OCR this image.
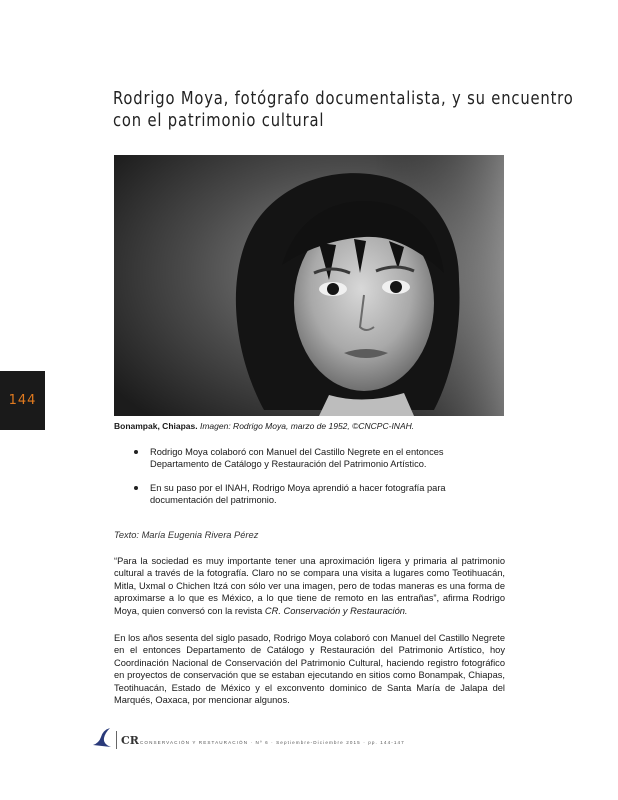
Rodrigo Moya, fotógrafo documentalista, y su encuentro
con el patrimonio cultural
144
Bonampak, Chiapas. Imagen: Rodrigo Moya, marzo de 1952, ©CNCPC-INAH.
Rodrigo Moya colaboró con Manuel del Castillo Negrete en el entonces Departamento de Catálogo y Restauración del Patrimonio Artístico.
En su paso por el INAH, Rodrigo Moya aprendió a hacer fotografía para documentación del patrimonio.
Texto: María Eugenia Rivera Pérez

“Para la sociedad es muy importante tener una aproximación ligera y primaria al patrimonio cultural a través de la fotografía. Claro no se compara una visita a lugares como Teotihuacán, Mitla, Uxmal o Chichen Itzá con sólo ver una imagen, pero de todas maneras es una forma de aproximarse a lo que es México, a lo que tiene de remoto en las entrañas”, afirma Rodrigo Moya, quien conversó con la revista CR. Conservación y Restauración.

En los años sesenta del siglo pasado, Rodrigo Moya colaboró con Manuel del Castillo Negrete en el entonces Departamento de Catálogo y Restauración del Patrimonio Artístico, hoy Coordinación Nacional de Conservación del Patrimonio Cultural, haciendo registro fotográfico en proyectos de conservación que se estaban ejecutando en sitios como Bonampak, Chiapas, Teotihuacán, Estado de México y el exconvento dominico de Santa María de Jalapa del Marqués, Oaxaca, por mencionar algunos.

CR CONSERVACIÓN Y RESTAURACIÓN · Nº 6 · Septiembre-Diciembre 2015 · pp. 144-147
